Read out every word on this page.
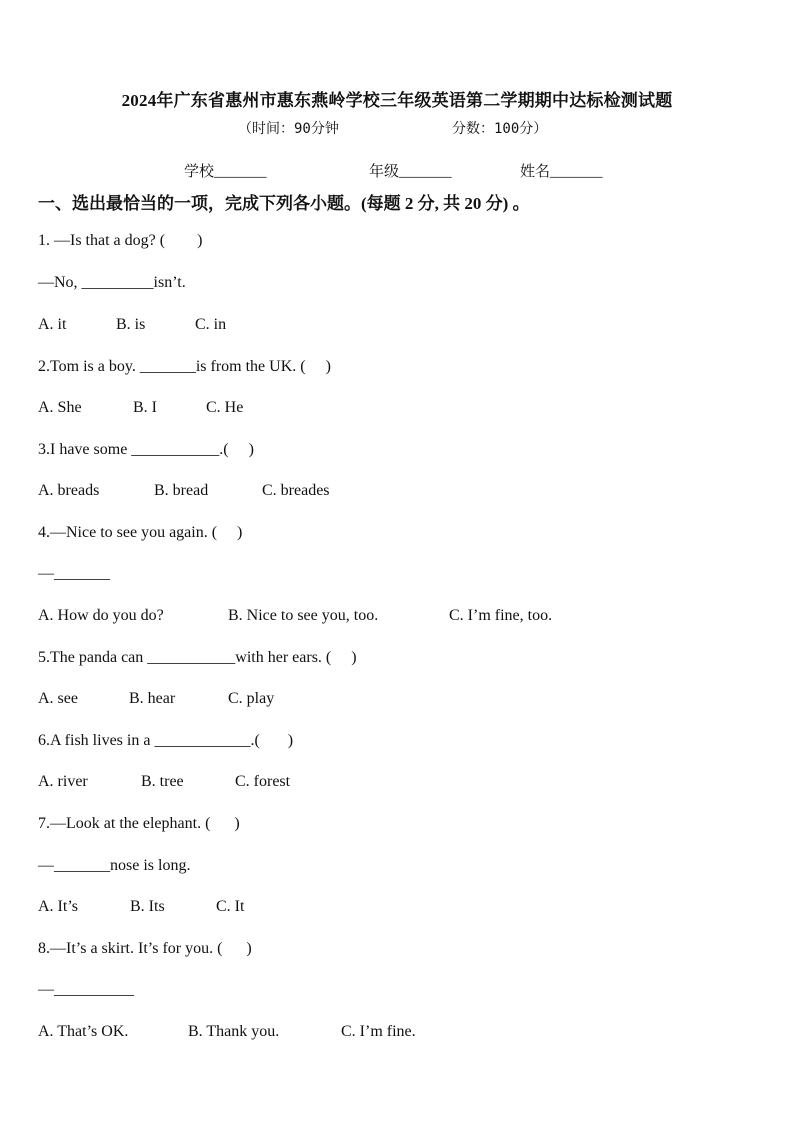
2024年广东省惠州市惠东燕岭学校三年级英语第二学期期中达标检测试题
（时间：90分钟	分数：100分）
学校_______	年级_______	姓名_______
一、选出最恰当的一项，完成下列各小题。(每题 2 分, 共 20 分) 。
1. —Is that a dog? (        )
—No, _________isn’t.
A. it	B. is	C. in
2.Tom is a boy. _______is from the UK. (     )
A. She	B. I	C. He
3.I have some ___________.(     )
A. breads	B. bread	C. breades
4.—Nice to see you again. (     )
—_______
A. How do you do?	B. Nice to see you, too.	C. I’m fine, too.
5.The panda can ___________with her ears. (     )
A. see	B. hear	C. play
6.A fish lives in a ____________.(       )
A. river	B. tree	C. forest
7.—Look at the elephant. (      )
—_______nose is long.
A. It’s	B. Its	C. It
8.—It’s a skirt. It’s for you. (      )
—__________
A. That’s OK.	B. Thank you.	C. I’m fine.
